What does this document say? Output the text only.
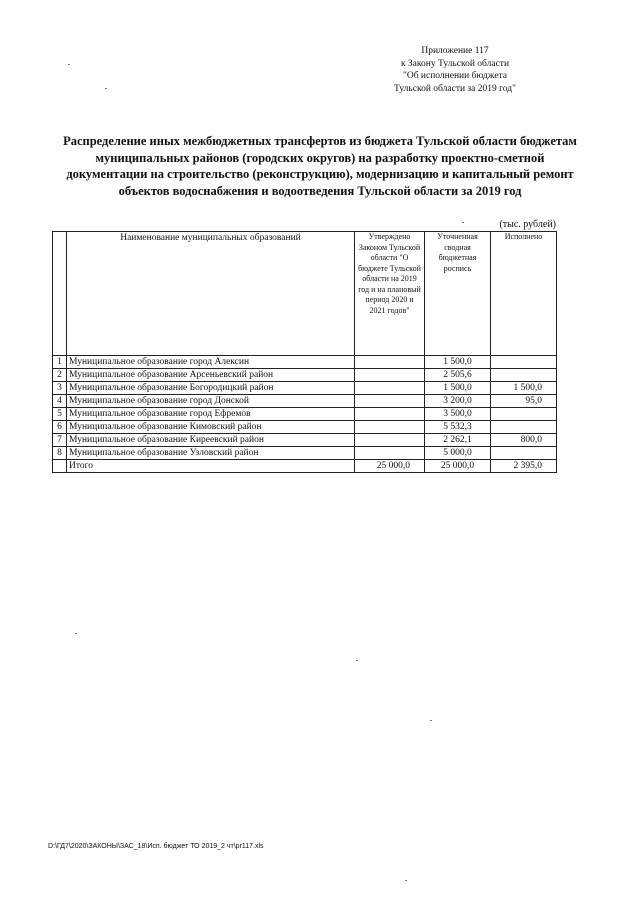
Приложение 117
к Закону Тульской области
"Об исполнении бюджета
Тульской области за 2019 год"
Распределение иных межбюджетных трансфертов из бюджета Тульской области бюджетам муниципальных районов (городских округов) на разработку проектно-сметной документации на строительство (реконструкцию), модернизацию и капитальный ремонт объектов водоснабжения и водоотведения Тульской области за 2019 год
(тыс. рублей)
	Наименование муниципальных образований	Утверждено Законом Тульской области "О бюджете Тульской области на 2019 год и на плановый период 2020 и 2021 годов"	Уточненная сводная бюджетная роспись	Исполнено
1	Муниципальное образование город Алексин		1 500,0	
2	Муниципальное образование Арсеньевский район		2 505,6	
3	Муниципальное образование Богородицкий район		1 500,0	1 500,0
4	Муниципальное образование город Донской		3 200,0	95,0
5	Муниципальное образование город Ефремов		3 500,0	
6	Муниципальное образование Кимовский район		5 532,3	
7	Муниципальное образование Киреевский район		2 262,1	800,0
8	Муниципальное образование Узловский район		5 000,0	
	Итого	25 000,0	25 000,0	2 395,0
D:\ГД7\2020\ЗАКОНЫ\ЗАС_18\Исп. бюджет ТО 2019_2 чт\pr117.xls
